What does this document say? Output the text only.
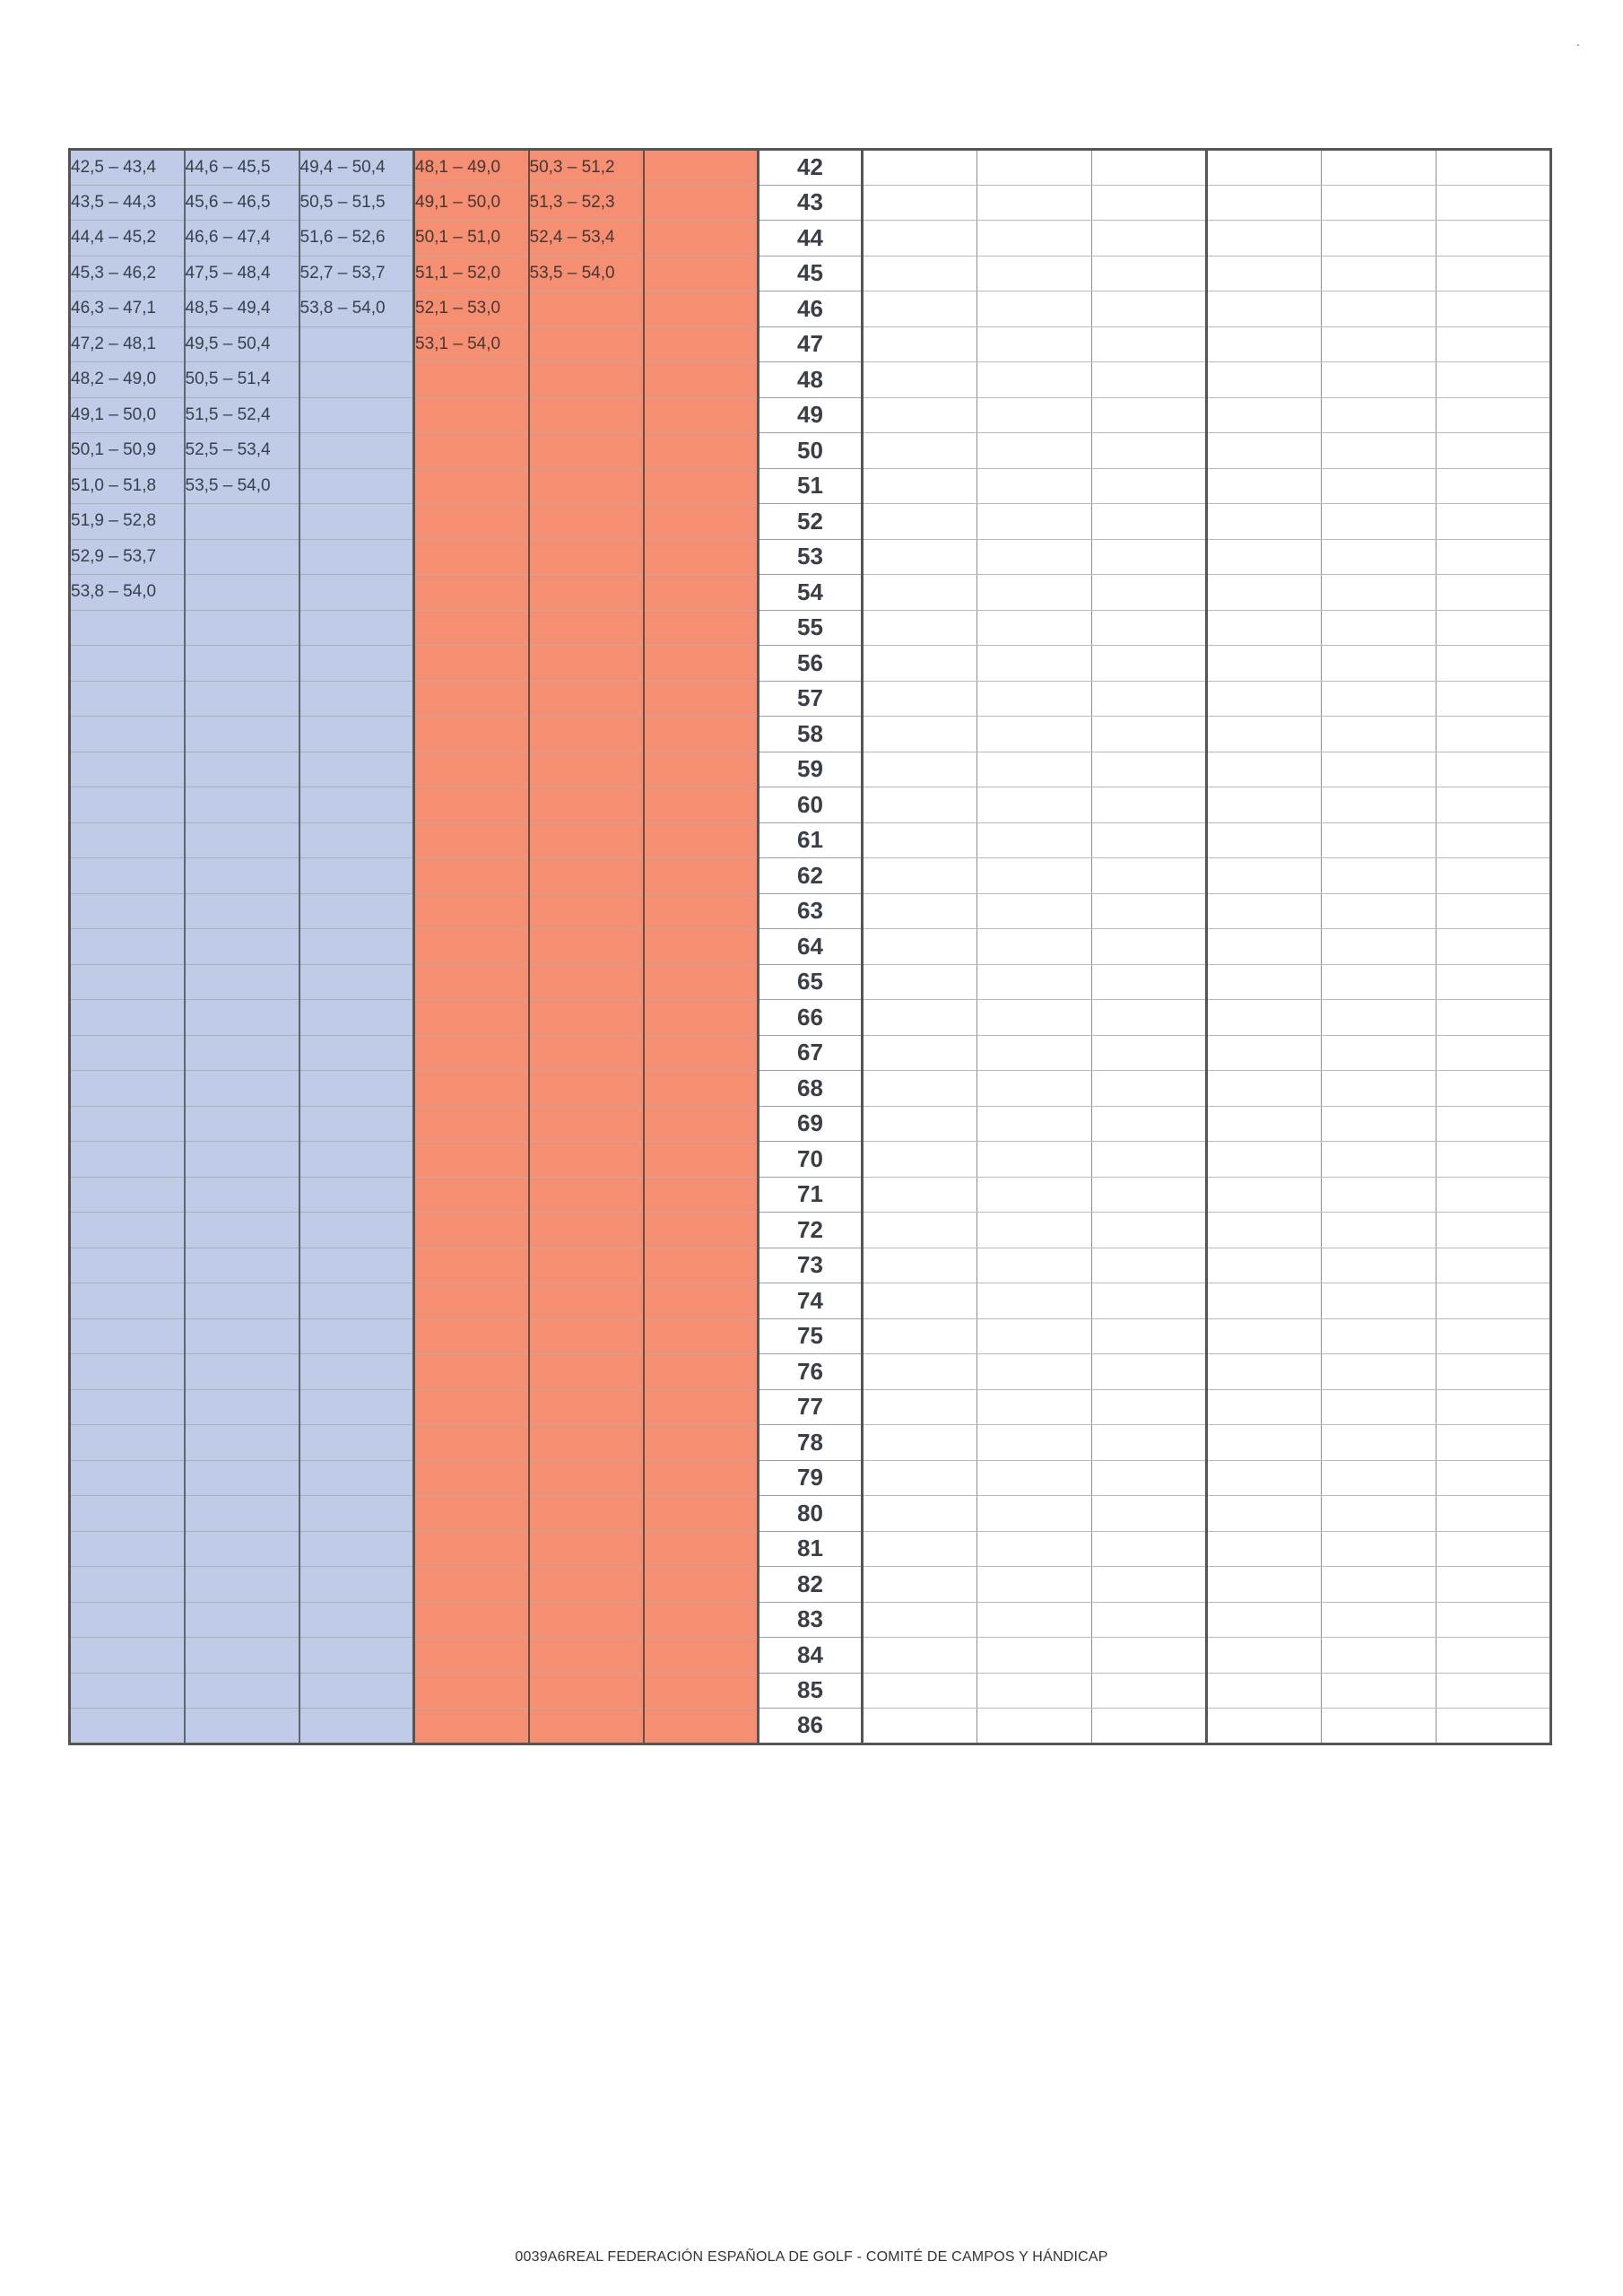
.
42,5 – 43,4	44,6 – 45,5	49,4 – 50,4	48,1 – 49,0	50,3 – 51,2		42						
43,5 – 44,3	45,6 – 46,5	50,5 – 51,5	49,1 – 50,0	51,3 – 52,3		43						
44,4 – 45,2	46,6 – 47,4	51,6 – 52,6	50,1 – 51,0	52,4 – 53,4		44						
45,3 – 46,2	47,5 – 48,4	52,7 – 53,7	51,1 – 52,0	53,5 – 54,0		45						
46,3 – 47,1	48,5 – 49,4	53,8 – 54,0	52,1 – 53,0			46						
47,2 – 48,1	49,5 – 50,4		53,1 – 54,0			47						
48,2 – 49,0	50,5 – 51,4					48						
49,1 – 50,0	51,5 – 52,4					49						
50,1 – 50,9	52,5 – 53,4					50						
51,0 – 51,8	53,5 – 54,0					51						
51,9 – 52,8						52						
52,9 – 53,7						53						
53,8 – 54,0						54						
						55						
						56						
						57						
						58						
						59						
						60						
						61						
						62						
						63						
						64						
						65						
						66						
						67						
						68						
						69						
						70						
						71						
						72						
						73						
						74						
						75						
						76						
						77						
						78						
						79						
						80						
						81						
						82						
						83						
						84						
						85						
						86						
0039A6REAL FEDERACIÓN ESPAÑOLA DE GOLF - COMITÉ DE CAMPOS Y HÁNDICAP
